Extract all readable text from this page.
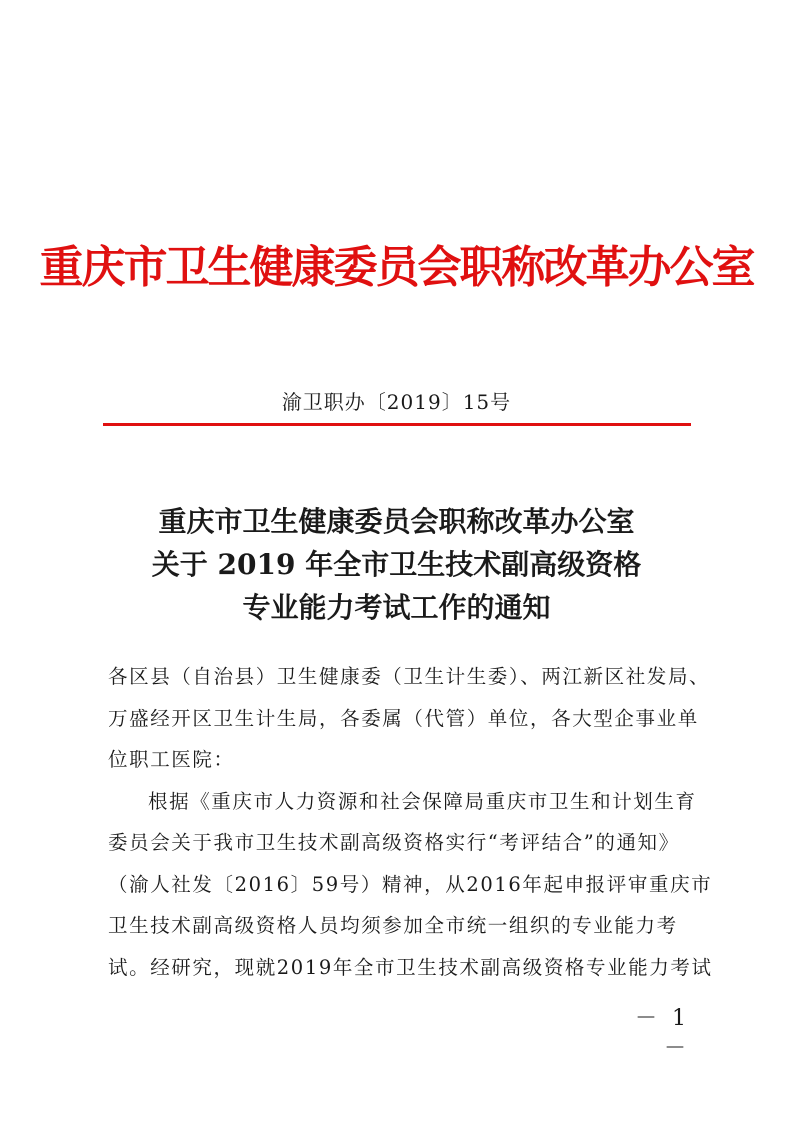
重庆市卫生健康委员会职称改革办公室
渝卫职办〔2019〕15号
重庆市卫生健康委员会职称改革办公室
关于 2019 年全市卫生技术副高级资格
专业能力考试工作的通知
各区县（自治县）卫生健康委（卫生计生委）、两江新区社发局、
万盛经开区卫生计生局，各委属（代管）单位，各大型企事业单
位职工医院：
根据《重庆市人力资源和社会保障局重庆市卫生和计划生育
委员会关于我市卫生技术副高级资格实行“考评结合”的通知》
（渝人社发〔2016〕59号）精神，从2016年起申报评审重庆市
卫生技术副高级资格人员均须参加全市统一组织的专业能力考
试。经研究，现就2019年全市卫生技术副高级资格专业能力考试
－ 1 －
